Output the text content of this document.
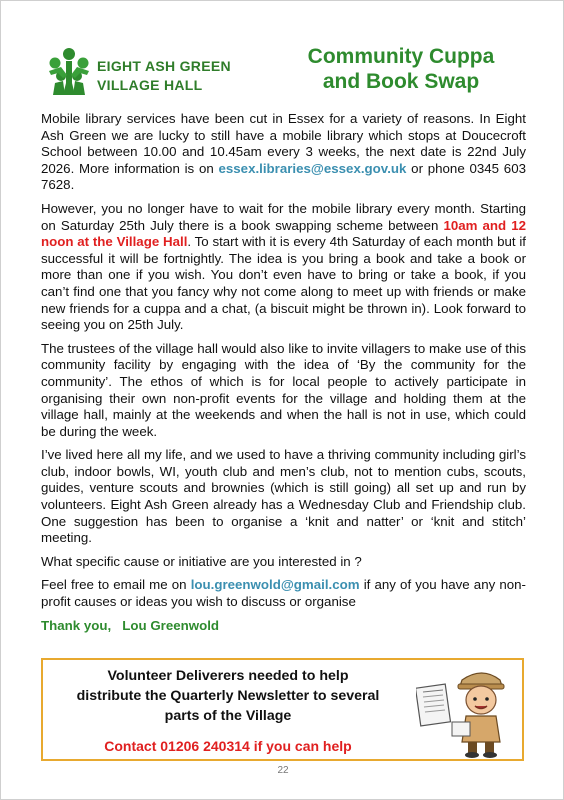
EIGHT ASH GREEN
VILLAGE HALL
Community Cuppa
and Book Swap

Mobile library services have been cut in Essex for a variety of reasons. In Eight Ash Green we are lucky to still have a mobile library which stops at Doucecroft School between 10.00 and 10.45am every 3 weeks, the next date is 22nd July 2026. More information is on essex.libraries@essex.gov.uk or phone 0345 603 7628.

However, you no longer have to wait for the mobile library every month. Starting on Saturday 25th July there is a book swapping scheme between 10am and 12 noon at the Village Hall. To start with it is every 4th Saturday of each month but if successful it will be fortnightly. The idea is you bring a book and take a book or more than one if you wish. You don’t even have to bring or take a book, if you can’t find one that you fancy why not come along to meet up with friends or make new friends for a cuppa and a chat, (a biscuit might be thrown in). Look forward to seeing you on 25th July.

The trustees of the village hall would also like to invite villagers to make use of this community facility by engaging with the idea of ‘By the community for the community’. The ethos of which is for local people to actively participate in organising their own non-profit events for the village and holding them at the village hall, mainly at the weekends and when the hall is not in use, which could be during the week.

I’ve lived here all my life, and we used to have a thriving community including girl’s club, indoor bowls, WI, youth club and men’s club, not to mention cubs, scouts, guides, venture scouts and brownies (which is still going) all set up and run by volunteers. Eight Ash Green already has a Wednesday Club and Friendship club. One suggestion has been to organise a ‘knit and natter’ or ‘knit and stitch’ meeting.

What specific cause or initiative are you interested in ?

Feel free to email me on lou.greenwold@gmail.com if any of you have any non-profit causes or ideas you wish to discuss or organise

Thank you,   Lou Greenwold
Volunteer Deliverers needed to help
distribute the Quarterly Newsletter to several
parts of the Village
Contact 01206 240314 if you can help
22
